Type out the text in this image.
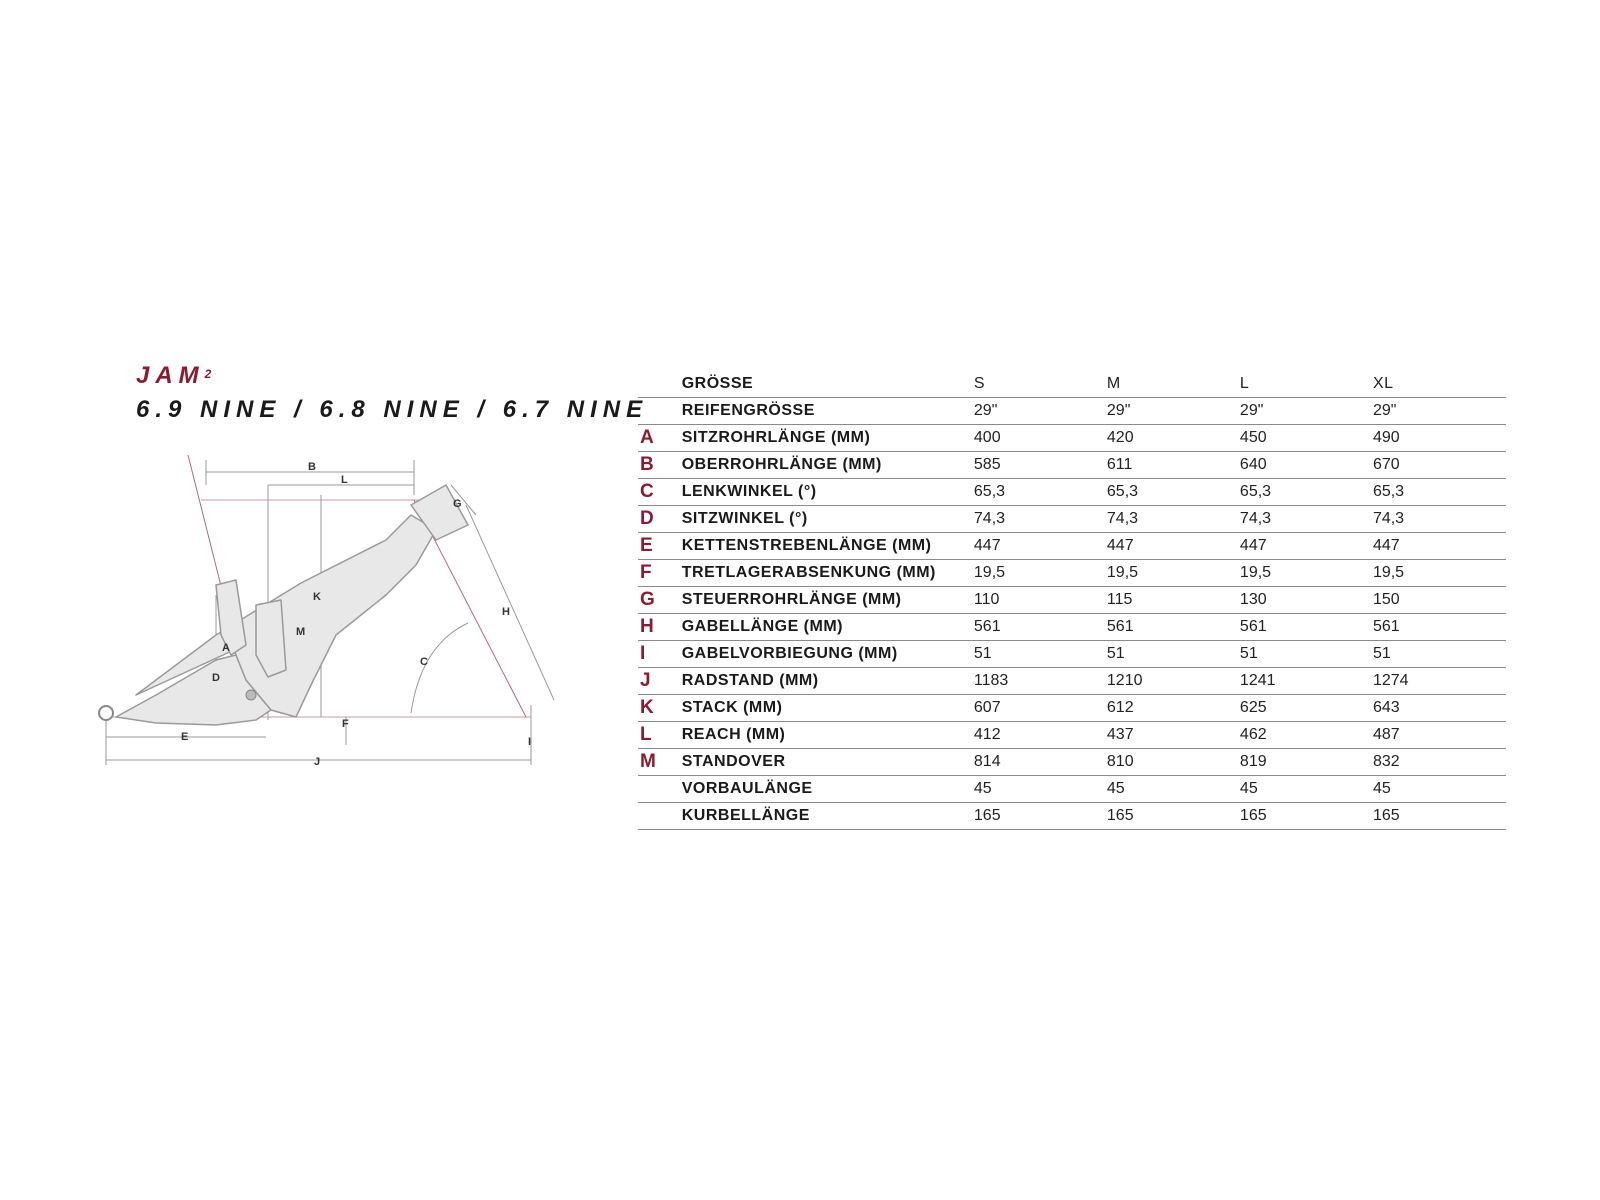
JAM$^2$
6.9 NINE / 6.8 NINE / 6.7 NINE
B
L
K
M
A
D
E
F
G
H
C
I
J
	GRÖSSE	S	M	L	XL
	REIFENGRÖSSE	29"	29"	29"	29"
A	SITZROHRLÄNGE (MM)	400	420	450	490
B	OBERROHRLÄNGE (MM)	585	611	640	670
C	LENKWINKEL (°)	65,3	65,3	65,3	65,3
D	SITZWINKEL (°)	74,3	74,3	74,3	74,3
E	KETTENSTREBENLÄNGE (MM)	447	447	447	447
F	TRETLAGERABSENKUNG (MM)	19,5	19,5	19,5	19,5
G	STEUERROHRLÄNGE (MM)	110	115	130	150
H	GABELLÄNGE (MM)	561	561	561	561
I	GABELVORBIEGUNG (MM)	51	51	51	51
J	RADSTAND (MM)	1183	1210	1241	1274
K	STACK (MM)	607	612	625	643
L	REACH (MM)	412	437	462	487
M	STANDOVER	814	810	819	832
	VORBAULÄNGE	45	45	45	45
	KURBELLÄNGE	165	165	165	165
